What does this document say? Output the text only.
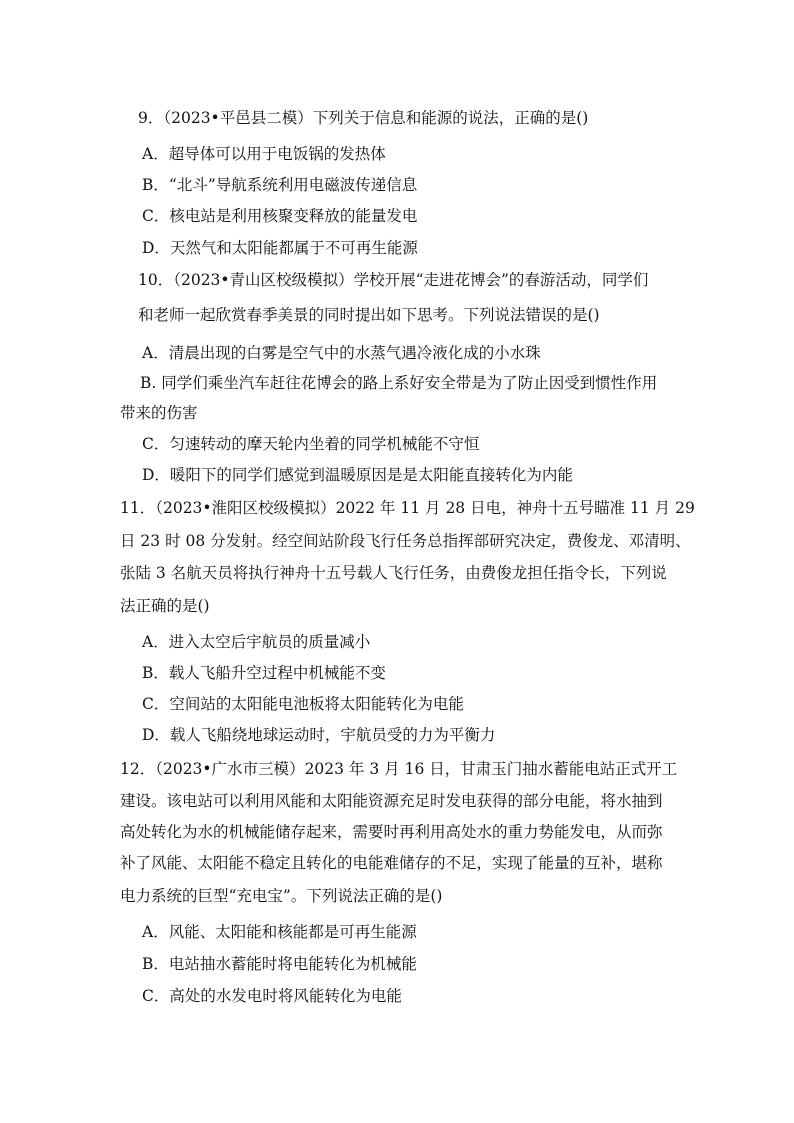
9．（2023•平邑县二模）下列关于信息和能源的说法，正确的是()
A．超导体可以用于电饭锅的发热体
B．“北斗”导航系统利用电磁波传递信息
C．核电站是利用核聚变释放的能量发电
D．天然气和太阳能都属于不可再生能源
10．（2023•青山区校级模拟）学校开展“走进花博会”的春游活动，同学们
和老师一起欣赏春季美景的同时提出如下思考。下列说法错误的是()
A．清晨出现的白雾是空气中的水蒸气遇冷液化成的小水珠
B. 同学们乘坐汽车赶往花博会的路上系好安全带是为了防止因受到惯性作用
带来的伤害
C．匀速转动的摩天轮内坐着的同学机械能不守恒
D．暖阳下的同学们感觉到温暖原因是是太阳能直接转化为内能
11．（2023•淮阳区校级模拟）2022 年 11 月 28 日电，神舟十五号瞄准 11 月 29
日 23 时 08 分发射。经空间站阶段飞行任务总指挥部研究决定，费俊龙、邓清明、
张陆 3 名航天员将执行神舟十五号载人飞行任务，由费俊龙担任指令长，下列说
法正确的是()
A．进入太空后宇航员的质量减小
B．载人飞船升空过程中机械能不变
C．空间站的太阳能电池板将太阳能转化为电能
D．载人飞船绕地球运动时，宇航员受的力为平衡力
12．（2023•广水市三模）2023 年 3 月 16 日，甘肃玉门抽水蓄能电站正式开工
建设。该电站可以利用风能和太阳能资源充足时发电获得的部分电能，将水抽到
高处转化为水的机械能储存起来，需要时再利用高处水的重力势能发电，从而弥
补了风能、太阳能不稳定且转化的电能难储存的不足，实现了能量的互补，堪称
电力系统的巨型“充电宝”。下列说法正确的是()
A．风能、太阳能和核能都是可再生能源
B．电站抽水蓄能时将电能转化为机械能
C．高处的水发电时将风能转化为电能
